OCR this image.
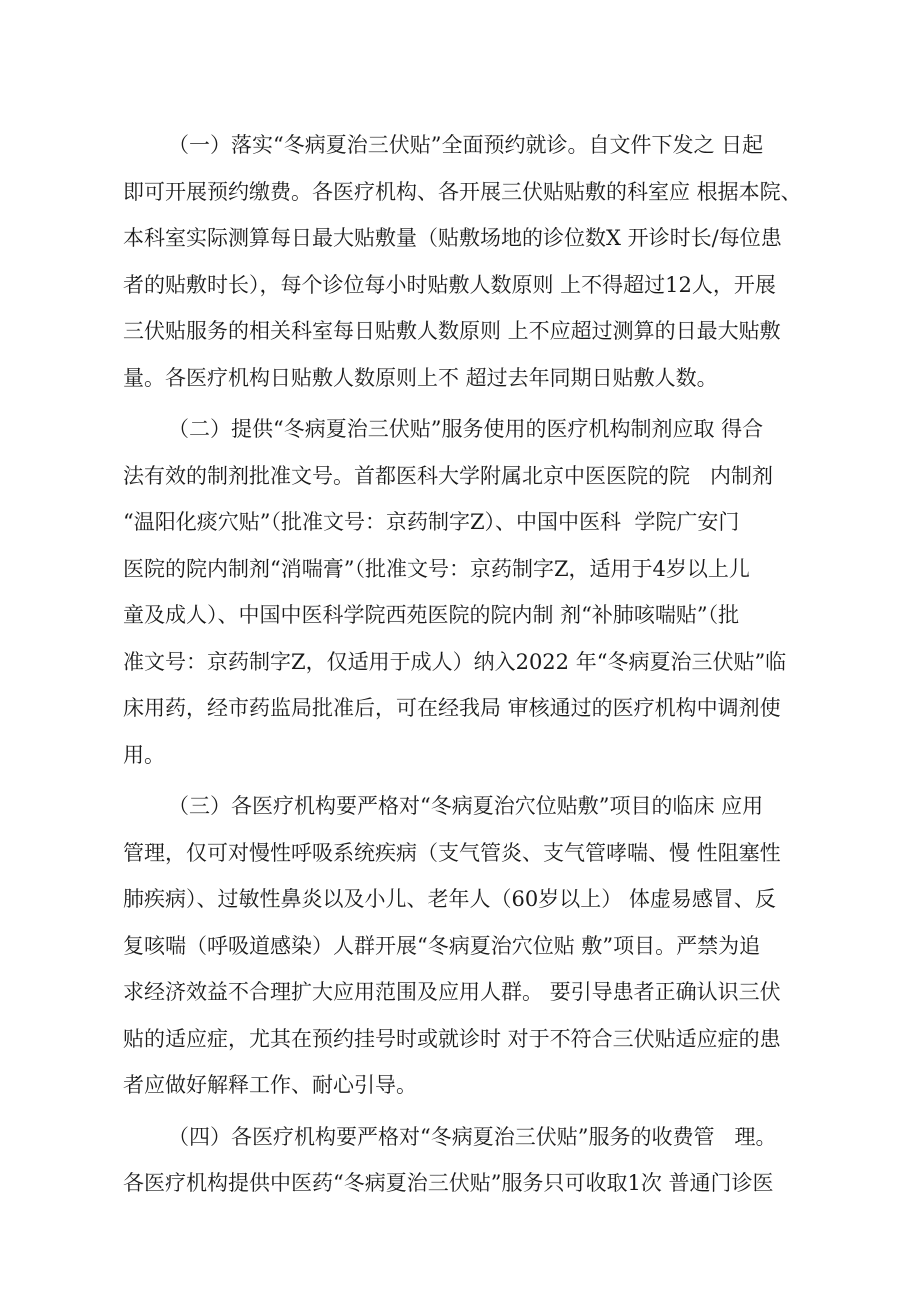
（一）落实“冬病夏治三伏贴”全面预约就诊。自文件下发之 日起
即可开展预约缴费。各医疗机构、各开展三伏贴贴敷的科室应 根据本院、
本科室实际测算每日最大贴敷量（贴敷场地的诊位数X 开诊时长/每位患
者的贴敷时长），每个诊位每小时贴敷人数原则 上不得超过12人，开展
三伏贴服务的相关科室每日贴敷人数原则 上不应超过测算的日最大贴敷
量。各医疗机构日贴敷人数原则上不 超过去年同期日贴敷人数。
（二）提供“冬病夏治三伏贴”服务使用的医疗机构制剂应取 得合
法有效的制剂批准文号。首都医科大学附属北京中医医院的院   内制剂
“温阳化痰穴贴”（批准文号：京药制字Z）、中国中医科  学院广安门
医院的院内制剂“消喘膏”（批准文号：京药制字Z，适用于4岁以上儿
童及成人）、中国中医科学院西苑医院的院内制 剂“补肺咳喘贴”（批
准文号：京药制字Z，仅适用于成人）纳入2022 年“冬病夏治三伏贴”临
床用药，经市药监局批准后，可在经我局 审核通过的医疗机构中调剂使
用。
（三）各医疗机构要严格对“冬病夏治穴位贴敷”项目的临床 应用
管理，仅可对慢性呼吸系统疾病（支气管炎、支气管哮喘、慢 性阻塞性
肺疾病）、过敏性鼻炎以及小儿、老年人（60岁以上） 体虚易感冒、反
复咳喘（呼吸道感染）人群开展“冬病夏治穴位贴 敷”项目。严禁为追
求经济效益不合理扩大应用范围及应用人群。 要引导患者正确认识三伏
贴的适应症，尤其在预约挂号时或就诊时 对于不符合三伏贴适应症的患
者应做好解释工作、耐心引导。
（四）各医疗机构要严格对“冬病夏治三伏贴”服务的收费管   理。
各医疗机构提供中医药“冬病夏治三伏贴”服务只可收取1次 普通门诊医
